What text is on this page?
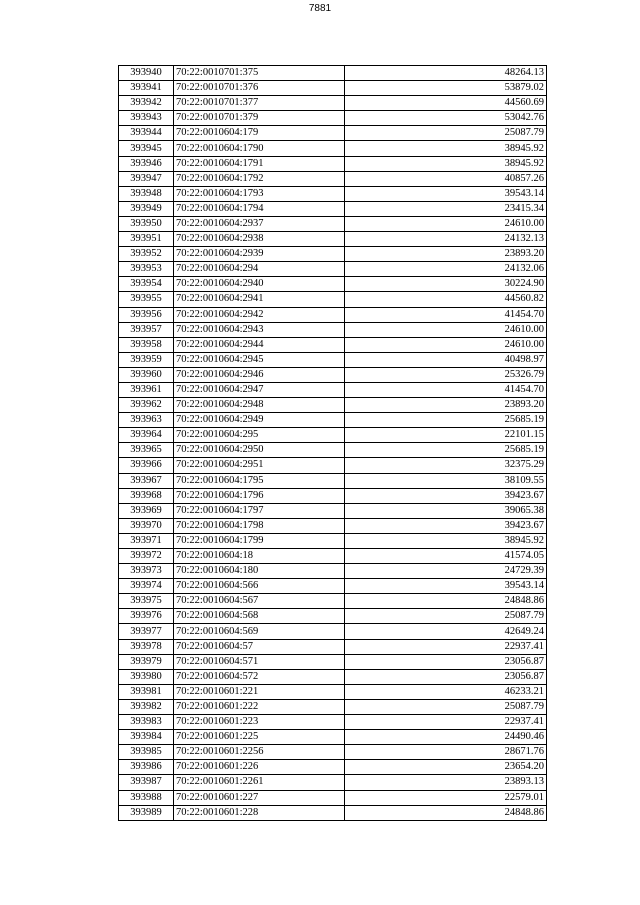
7881
393940	70:22:0010701:375	48264.13
393941	70:22:0010701:376	53879.02
393942	70:22:0010701:377	44560.69
393943	70:22:0010701:379	53042.76
393944	70:22:0010604:179	25087.79
393945	70:22:0010604:1790	38945.92
393946	70:22:0010604:1791	38945.92
393947	70:22:0010604:1792	40857.26
393948	70:22:0010604:1793	39543.14
393949	70:22:0010604:1794	23415.34
393950	70:22:0010604:2937	24610.00
393951	70:22:0010604:2938	24132.13
393952	70:22:0010604:2939	23893.20
393953	70:22:0010604:294	24132.06
393954	70:22:0010604:2940	30224.90
393955	70:22:0010604:2941	44560.82
393956	70:22:0010604:2942	41454.70
393957	70:22:0010604:2943	24610.00
393958	70:22:0010604:2944	24610.00
393959	70:22:0010604:2945	40498.97
393960	70:22:0010604:2946	25326.79
393961	70:22:0010604:2947	41454.70
393962	70:22:0010604:2948	23893.20
393963	70:22:0010604:2949	25685.19
393964	70:22:0010604:295	22101.15
393965	70:22:0010604:2950	25685.19
393966	70:22:0010604:2951	32375.29
393967	70:22:0010604:1795	38109.55
393968	70:22:0010604:1796	39423.67
393969	70:22:0010604:1797	39065.38
393970	70:22:0010604:1798	39423.67
393971	70:22:0010604:1799	38945.92
393972	70:22:0010604:18	41574.05
393973	70:22:0010604:180	24729.39
393974	70:22:0010604:566	39543.14
393975	70:22:0010604:567	24848.86
393976	70:22:0010604:568	25087.79
393977	70:22:0010604:569	42649.24
393978	70:22:0010604:57	22937.41
393979	70:22:0010604:571	23056.87
393980	70:22:0010604:572	23056.87
393981	70:22:0010601:221	46233.21
393982	70:22:0010601:222	25087.79
393983	70:22:0010601:223	22937.41
393984	70:22:0010601:225	24490.46
393985	70:22:0010601:2256	28671.76
393986	70:22:0010601:226	23654.20
393987	70:22:0010601:2261	23893.13
393988	70:22:0010601:227	22579.01
393989	70:22:0010601:228	24848.86
